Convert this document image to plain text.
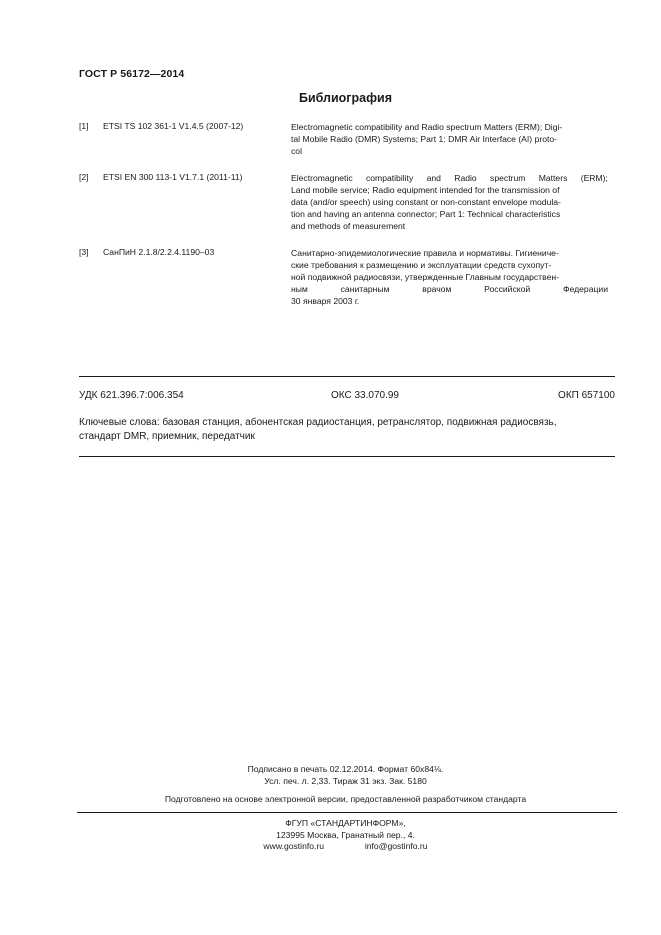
ГОСТ Р 56172—2014
Библиография
[1] ETSI TS 102 361-1 V1.4.5 (2007-12)	Electromagnetic compatibility and Radio spectrum Matters (ERM); Digi-
tal Mobile Radio (DMR) Systems; Part 1: DMR Air Interface (AI) proto-
col
[2] ETSI EN 300 113-1 V1.7.1 (2011-11)	Electromagnetic compatibility and Radio spectrum Matters (ERM);
Land mobile service; Radio equipment intended for the transmission of
data (and/or speech) using constant or non-constant envelope modula-
tion and having an antenna connector; Part 1: Technical characteristics
and methods of measurement
[3] СанПиН 2.1.8/2.2.4.1190–03	Санитарно-эпидемиологические правила и нормативы. Гигиениче-
ские требования к размещению и эксплуатации средств сухопут-
ной подвижной радиосвязи, утвержденные Главным государствен-
ным	санитарным	врачом	Российской	Федерации
30 января 2003 г.
УДК 621.396.7:006.354	ОКС 33.070.99	ОКП 657100
Ключевые слова: базовая станция, абонентская радиостанция, ретранслятор, подвижная радиосвязь,
стандарт DMR, приемник, передатчик
Подписано в печать 02.12.2014. Формат 60x84⅛.
Усл. печ. л. 2,33. Тираж 31 экз. Зак. 5180
Подготовлено на основе электронной версии, предоставленной разработчиком стандарта
ФГУП «СТАНДАРТИНФОРМ»,
123995 Москва, Гранатный пер., 4.
www.gostinfo.ru	info@gostinfo.ru
